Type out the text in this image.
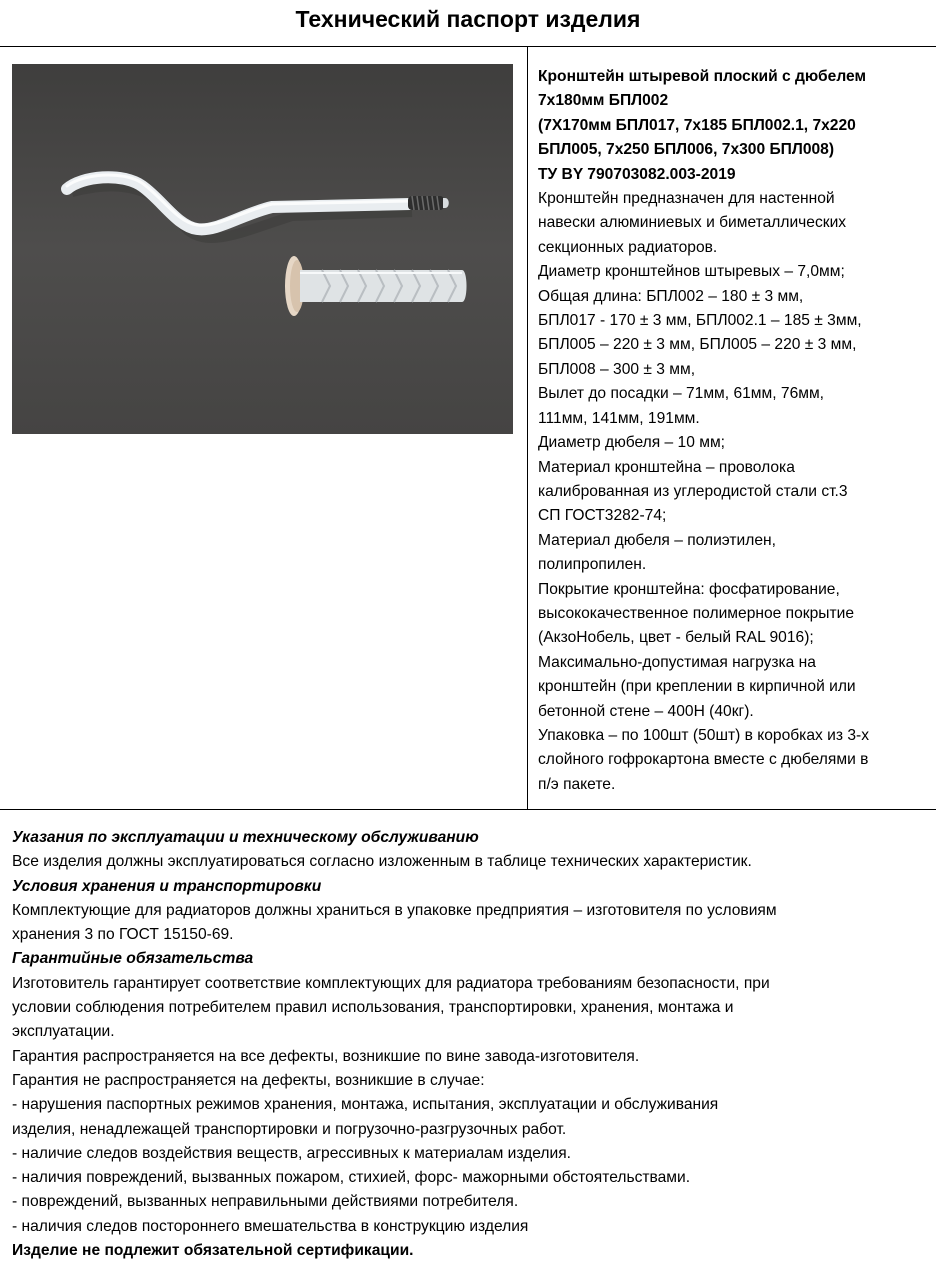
Технический паспорт изделия
Кронштейн штыревой плоский с дюбелем
7х180мм БПЛ002
(7Х170мм БПЛ017, 7х185 БПЛ002.1, 7х220
БПЛ005, 7х250 БПЛ006, 7х300 БПЛ008)
ТУ BY 790703082.003-2019
Кронштейн предназначен для настенной
навески алюминиевых и биметаллических
секционных радиаторов.
Диаметр кронштейнов штыревых – 7,0мм;
Общая длина: БПЛ002 – 180 ± 3 мм,
БПЛ017 - 170 ± 3 мм, БПЛ002.1 – 185 ± 3мм,
БПЛ005 – 220 ± 3 мм, БПЛ005 – 220 ± 3 мм,
БПЛ008 – 300 ± 3 мм,
Вылет до посадки – 71мм, 61мм, 76мм,
111мм, 141мм, 191мм.
Диаметр дюбеля – 10 мм;
Материал кронштейна – проволока
калиброванная из углеродистой стали ст.3
СП ГОСТ3282-74;
Материал дюбеля – полиэтилен,
полипропилен.
Покрытие кронштейна: фосфатирование,
высококачественное полимерное покрытие
(АкзоНобель, цвет - белый RAL 9016);
Максимально-допустимая нагрузка на
кронштейн (при креплении в кирпичной или
бетонной стене – 400Н (40кг).
Упаковка – по 100шт (50шт) в коробках из 3-х
слойного гофрокартона вместе с дюбелями в
п/э пакете.
Указания по эксплуатации и техническому обслуживанию
Все изделия должны эксплуатироваться согласно изложенным в таблице технических характеристик.
Условия хранения и транспортировки
Комплектующие для радиаторов должны храниться в упаковке предприятия – изготовителя по условиям
хранения 3 по ГОСТ 15150-69.
Гарантийные обязательства
Изготовитель гарантирует соответствие комплектующих для радиатора требованиям безопасности, при
условии соблюдения потребителем правил использования, транспортировки, хранения, монтажа и
эксплуатации.
Гарантия распространяется на все дефекты, возникшие по вине завода-изготовителя.
Гарантия не распространяется на дефекты, возникшие в случае:
- нарушения паспортных режимов хранения, монтажа, испытания, эксплуатации и обслуживания
изделия, ненадлежащей транспортировки и погрузочно-разгрузочных работ.
- наличие следов воздействия веществ, агрессивных к материалам изделия.
- наличия повреждений, вызванных пожаром, стихией, форс- мажорными обстоятельствами.
- повреждений, вызванных неправильными действиями потребителя.
- наличия следов постороннего вмешательства в конструкцию изделия
Изделие не подлежит обязательной сертификации.
